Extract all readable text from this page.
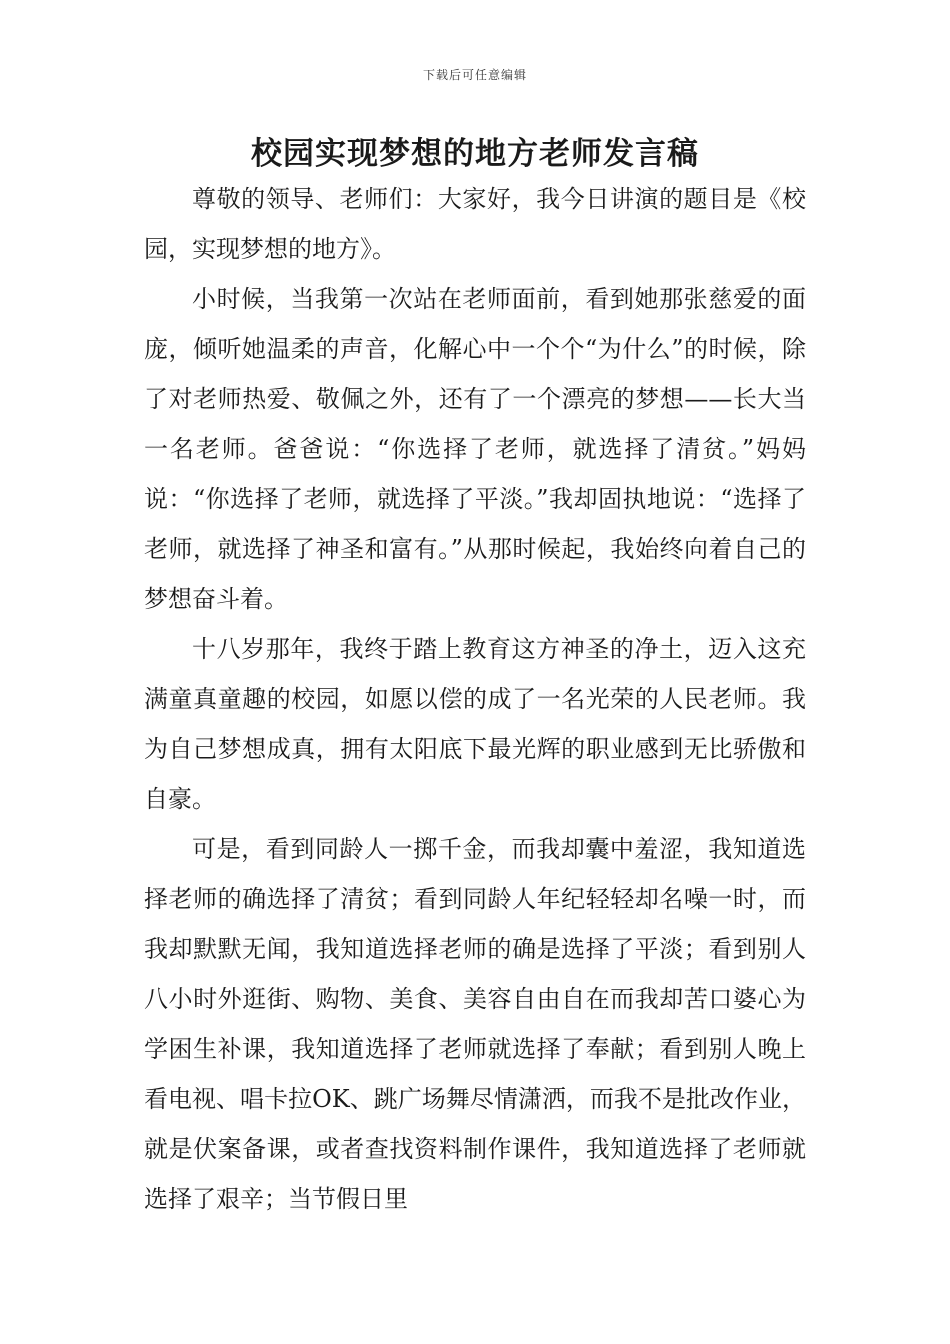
下载后可任意编辑
校园实现梦想的地方老师发言稿

尊敬的领导、老师们：大家好，我今日讲演的题目是《校园，实现梦想的地方》。

小时候，当我第一次站在老师面前，看到她那张慈爱的面庞，倾听她温柔的声音，化解心中一个个“为什么”的时候，除了对老师热爱、敬佩之外，还有了一个漂亮的梦想——长大当一名老师。爸爸说：“你选择了老师，就选择了清贫。”妈妈说：“你选择了老师，就选择了平淡。”我却固执地说：“选择了老师，就选择了神圣和富有。”从那时候起，我始终向着自己的梦想奋斗着。

十八岁那年，我终于踏上教育这方神圣的净土，迈入这充满童真童趣的校园，如愿以偿的成了一名光荣的人民老师。我为自己梦想成真，拥有太阳底下最光辉的职业感到无比骄傲和自豪。

可是，看到同龄人一掷千金，而我却囊中羞涩，我知道选择老师的确选择了清贫；看到同龄人年纪轻轻却名噪一时，而我却默默无闻，我知道选择老师的确是选择了平淡；看到别人八小时外逛街、购物、美食、美容自由自在而我却苦口婆心为学困生补课，我知道选择了老师就选择了奉献；看到别人晚上看电视、唱卡拉OK、跳广场舞尽情潇洒，而我不是批改作业，就是伏案备课，或者查找资料制作课件，我知道选择了老师就选择了艰辛；当节假日里
